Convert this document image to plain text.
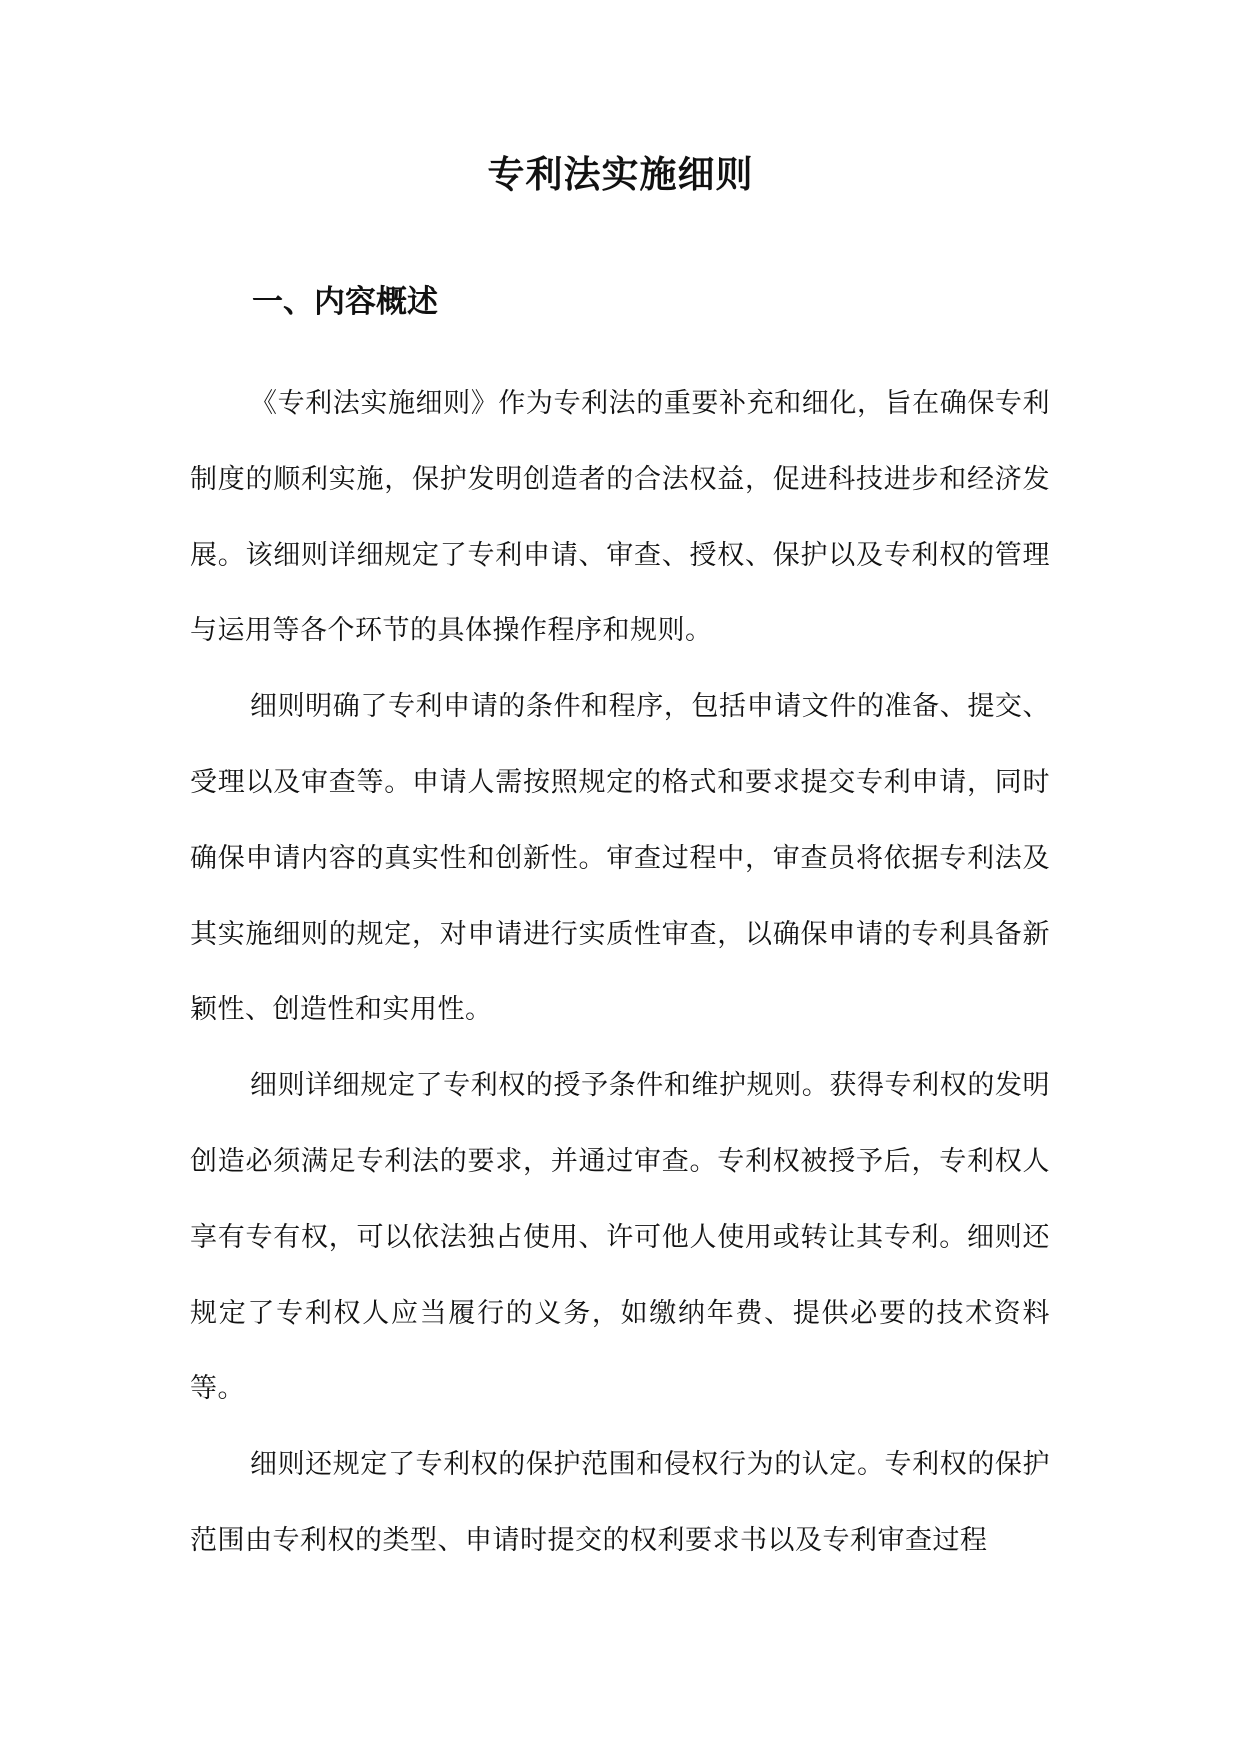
专利法实施细则
一、内容概述

《专利法实施细则》作为专利法的重要补充和细化，旨在确保专利制度的顺利实施，保护发明创造者的合法权益，促进科技进步和经济发展。该细则详细规定了专利申请、审查、授权、保护以及专利权的管理与运用等各个环节的具体操作程序和规则。

细则明确了专利申请的条件和程序，包括申请文件的准备、提交、受理以及审查等。申请人需按照规定的格式和要求提交专利申请，同时确保申请内容的真实性和创新性。审查过程中，审查员将依据专利法及其实施细则的规定，对申请进行实质性审查，以确保申请的专利具备新颖性、创造性和实用性。

细则详细规定了专利权的授予条件和维护规则。获得专利权的发明创造必须满足专利法的要求，并通过审查。专利权被授予后，专利权人享有专有权，可以依法独占使用、许可他人使用或转让其专利。细则还规定了专利权人应当履行的义务，如缴纳年费、提供必要的技术资料等。

细则还规定了专利权的保护范围和侵权行为的认定。专利权的保护范围由专利权的类型、申请时提交的权利要求书以及专利审查过程
